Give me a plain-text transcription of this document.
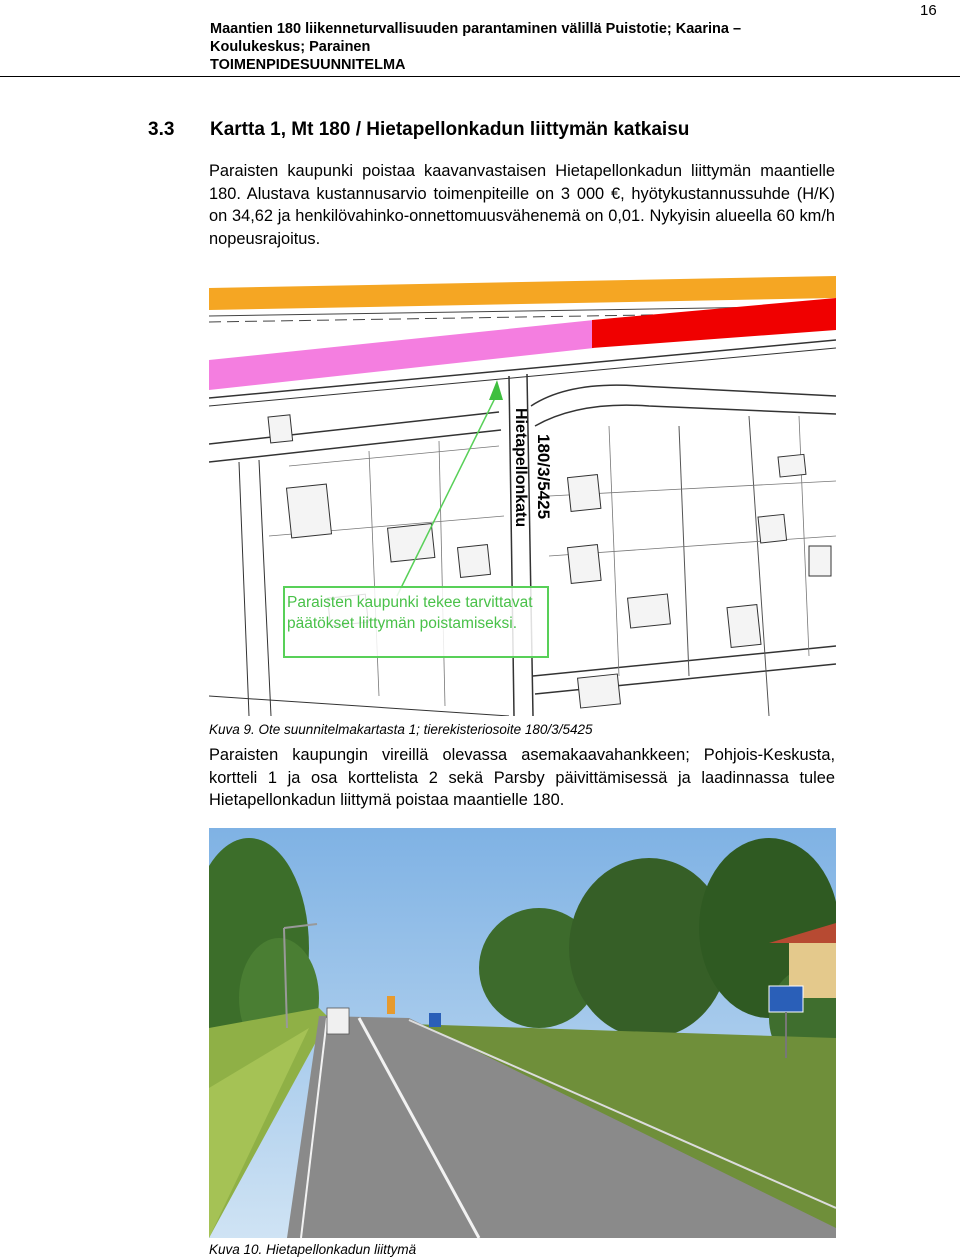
16
Maantien 180 liikenneturvallisuuden parantaminen välillä Puistotie; Kaarina –
Koulukeskus; Parainen
TOIMENPIDESUUNNITELMA
3.3 Kartta 1, Mt 180 / Hietapellonkadun liittymän katkaisu
Paraisten kaupunki poistaa kaavanvastaisen Hietapellonkadun liittymän maantielle 180. Alustava kustannusarvio toimenpiteille on 3 000 €, hyötykustannussuhde (H/K) on 34,62 ja henkilövahinko-onnettomuusvähenemä on 0,01. Nykyisin alueella 60 km/h nopeusrajoitus.
Paraisten kaupunki tekee tarvittavat päätökset liittymän poistamiseksi.
Hietapellonkatu 180/3/5425
Kuva 9. Ote suunnitelmakartasta 1; tierekisteriosoite 180/3/5425
Paraisten kaupungin vireillä olevassa asemakaavahankkeen; Pohjois-Keskusta, kortteli 1 ja osa korttelista 2 sekä Parsby päivittämisessä ja laadinnassa tulee Hietapellonkadun liittymä poistaa maantielle 180.
Kuva 10. Hietapellonkadun liittymä
